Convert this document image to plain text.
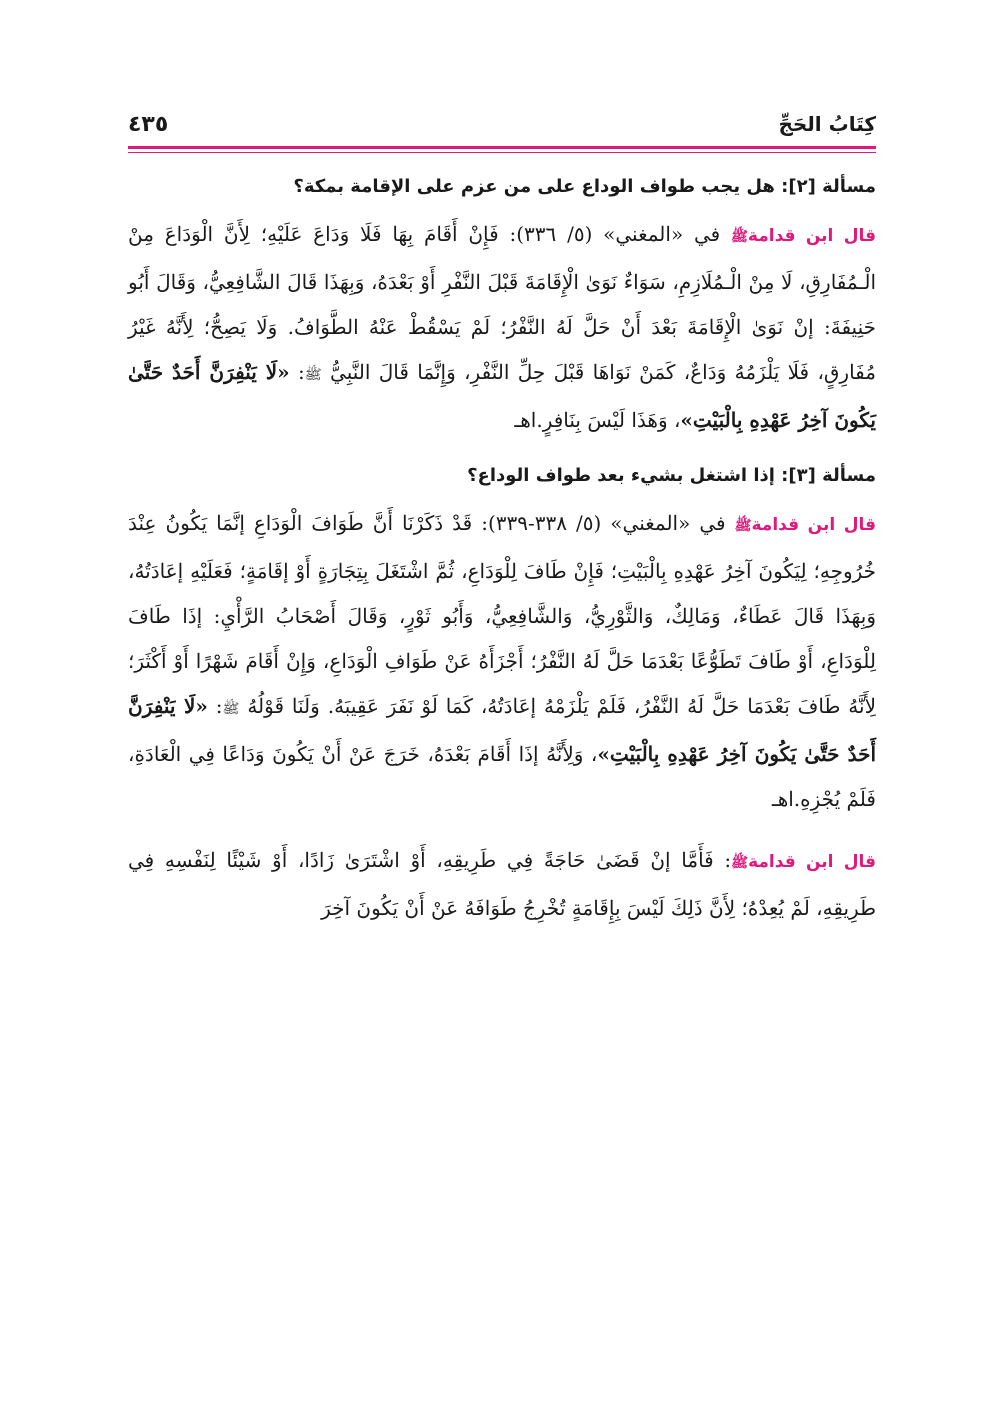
كِتَابُ الحَجِّ
٤٣٥

مسألة [٢]: هل يجب طواف الوداع على من عزم على الإقامة بمكة؟

قال ابن قدامةﷺ في «المغني» (٥/ ٣٣٦): فَإِنْ أَقَامَ بِهَا فَلَا وَدَاعَ عَلَيْهِ؛ لِأَنَّ الْوَدَاعَ مِنْ الْـمُفَارِقِ، لَا مِنْ الْـمُلَازِمِ، سَوَاءٌ نَوَىٰ الْإِقَامَةَ قَبْلَ النَّفْرِ أَوْ بَعْدَهُ، وَبِهَذَا قَالَ الشَّافِعِيُّ، وَقَالَ أَبُو حَنِيفَةَ: إنْ نَوَىٰ الْإِقَامَةَ بَعْدَ أَنْ حَلَّ لَهُ النَّفْرُ؛ لَمْ يَسْقُطْ عَنْهُ الطَّوَافُ. وَلَا يَصِحُّ؛ لِأَنَّهُ غَيْرُ مُفَارِقٍ، فَلَا يَلْزَمُهُ وَدَاعٌ، كَمَنْ نَوَاهَا قَبْلَ حِلِّ النَّفْرِ، وَإِنَّمَا قَالَ النَّبِيُّ ﷺ: «لَا يَنْفِرَنَّ أَحَدٌ حَتَّىٰ يَكُونَ آخِرُ عَهْدِهِ بِالْبَيْتِ»، وَهَذَا لَيْسَ بِنَافِرٍ.اهـ

مسألة [٣]: إذا اشتغل بشيء بعد طواف الوداع؟

قال ابن قدامةﷺ في «المغني» (٥/ ٣٣٨-٣٣٩): قَدْ ذَكَرْنَا أَنَّ طَوَافَ الْوَدَاعِ إنَّمَا يَكُونُ عِنْدَ خُرُوجِهِ؛ لِيَكُونَ آخِرُ عَهْدِهِ بِالْبَيْتِ؛ فَإِنْ طَافَ لِلْوَدَاعِ، ثُمَّ اشْتَغَلَ بِتِجَارَةٍ أَوْ إقَامَةٍ؛ فَعَلَيْهِ إعَادَتُهُ، وَبِهَذَا قَالَ عَطَاءٌ، وَمَالِكٌ، وَالثَّوْرِيُّ، وَالشَّافِعِيُّ، وَأَبُو ثَوْرٍ، وَقَالَ أَصْحَابُ الرَّأْيِ: إذَا طَافَ لِلْوَدَاعِ، أَوْ طَافَ تَطَوُّعًا بَعْدَمَا حَلَّ لَهُ النَّفْرُ؛ أَجْزَأَهُ عَنْ طَوَافِ الْوَدَاعِ، وَإِنْ أَقَامَ شَهْرًا أَوْ أَكْثَرَ؛ لِأَنَّهُ طَافَ بَعْدَمَا حَلَّ لَهُ النَّفْرُ، فَلَمْ يَلْزَمْهُ إعَادَتُهُ، كَمَا لَوْ نَفَرَ عَقِيبَهُ. وَلَنَا قَوْلُهُ ﷺ: «لَا يَنْفِرَنَّ أَحَدٌ حَتَّىٰ يَكُونَ آخِرُ عَهْدِهِ بِالْبَيْتِ»، وَلِأَنَّهُ إذَا أَقَامَ بَعْدَهُ، خَرَجَ عَنْ أَنْ يَكُونَ وَدَاعًا فِي الْعَادَةِ، فَلَمْ يُجْزِهِ.اهـ

قال ابن قدامةﷺ: فَأَمَّا إنْ قَضَىٰ حَاجَةً فِي طَرِيقِهِ، أَوْ اشْتَرَىٰ زَادًا، أَوْ شَيْئًا لِنَفْسِهِ فِي طَرِيقِهِ، لَمْ يُعِدْهُ؛ لِأَنَّ ذَلِكَ لَيْسَ بِإِقَامَةٍ تُخْرِجُ طَوَافَهُ عَنْ أَنْ يَكُونَ آخِرَ
